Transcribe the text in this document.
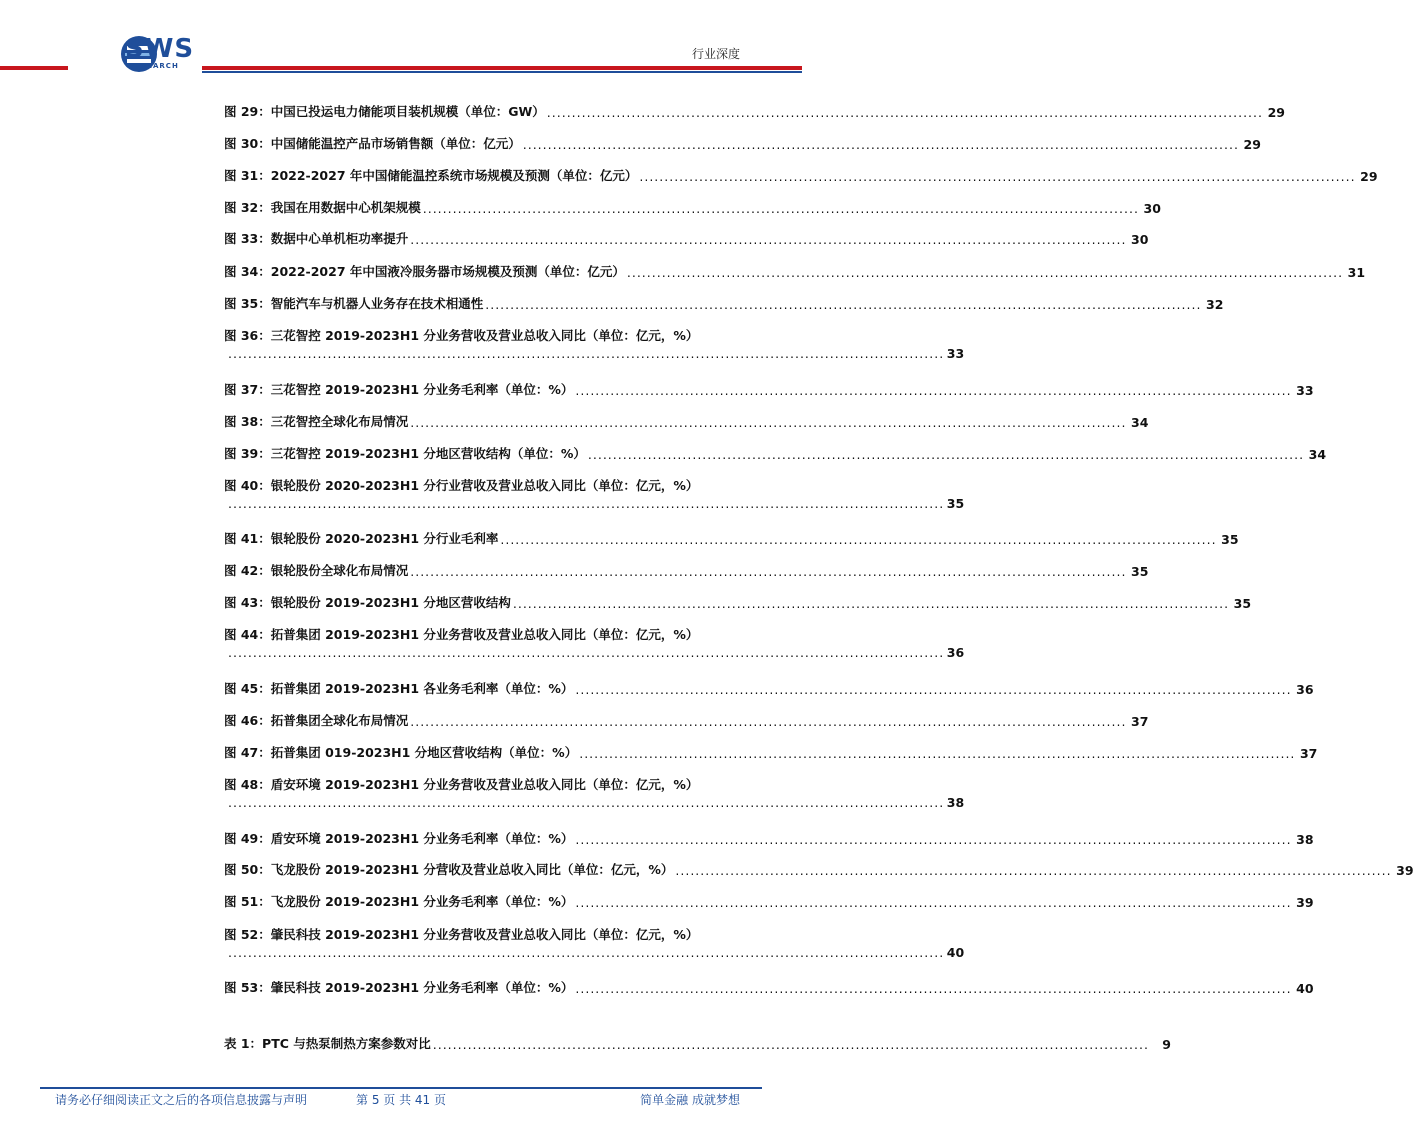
SWS
RESEARCH
行业深度
图 29：中国已投运电力储能项目装机规模（单位：GW） ................................................................................................................................................ 29
图 30：中国储能温控产品市场销售额（单位：亿元） ................................................................................................................................................ 29
图 31：2022-2027 年中国储能温控系统市场规模及预测（单位：亿元） ................................................................................................................................................ 29
图 32：我国在用数据中心机架规模 ................................................................................................................................................ 30
图 33：数据中心单机柜功率提升 ................................................................................................................................................ 30
图 34：2022-2027 年中国液冷服务器市场规模及预测（单位：亿元） ................................................................................................................................................ 31
图 35：智能汽车与机器人业务存在技术相通性 ................................................................................................................................................ 32
图 36：三花智控 2019-2023H1 分业务营收及营业总收入同比（单位：亿元，%）
................................................................................................................................................ 33
图 37：三花智控 2019-2023H1 分业务毛利率（单位：%） ................................................................................................................................................ 33
图 38：三花智控全球化布局情况 ................................................................................................................................................ 34
图 39：三花智控 2019-2023H1 分地区营收结构（单位：%） ................................................................................................................................................ 34
图 40：银轮股份 2020-2023H1 分行业营收及营业总收入同比（单位：亿元，%）
................................................................................................................................................ 35
图 41：银轮股份 2020-2023H1 分行业毛利率 ................................................................................................................................................ 35
图 42：银轮股份全球化布局情况 ................................................................................................................................................ 35
图 43：银轮股份 2019-2023H1 分地区营收结构 ................................................................................................................................................ 35
图 44：拓普集团 2019-2023H1 分业务营收及营业总收入同比（单位：亿元，%）
................................................................................................................................................ 36
图 45：拓普集团 2019-2023H1 各业务毛利率（单位：%） ................................................................................................................................................ 36
图 46：拓普集团全球化布局情况 ................................................................................................................................................ 37
图 47：拓普集团 019-2023H1 分地区营收结构（单位：%） ................................................................................................................................................ 37
图 48：盾安环境 2019-2023H1 分业务营收及营业总收入同比（单位：亿元，%）
................................................................................................................................................ 38
图 49：盾安环境 2019-2023H1 分业务毛利率（单位：%） ................................................................................................................................................ 38
图 50：飞龙股份 2019-2023H1 分营收及营业总收入同比（单位：亿元，%） ................................................................................................................................................ 39
图 51：飞龙股份 2019-2023H1 分业务毛利率（单位：%） ................................................................................................................................................ 39
图 52：肇民科技 2019-2023H1 分业务营收及营业总收入同比（单位：亿元，%）
................................................................................................................................................ 40
图 53：肇民科技 2019-2023H1 分业务毛利率（单位：%） ................................................................................................................................................ 40
表 1：PTC 与热泵制热方案参数对比 ................................................................................................................................................	9
请务必仔细阅读正文之后的各项信息披露与声明	第 5 页 共 41 页	简单金融 成就梦想
